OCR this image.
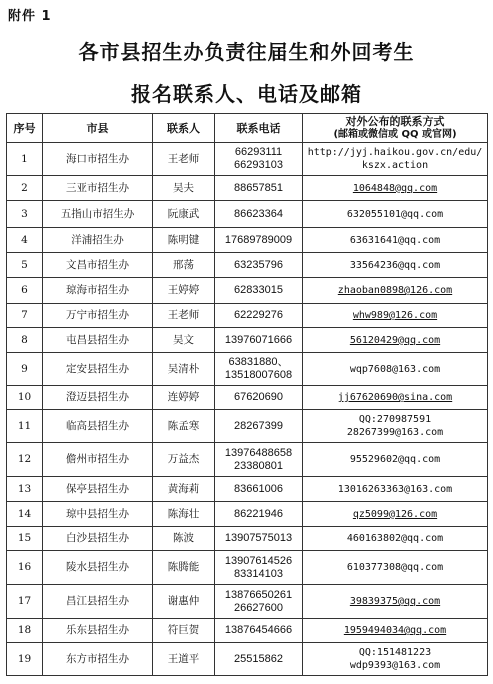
附件 1
各市县招生办负责往届生和外回考生
报名联系人、电话及邮箱
序号	市县	联系人	联系电话	对外公布的联系方式
(邮箱或微信或 QQ 或官网)

1	海口市招生办	王老师	66293111
66293103	http://jyj.haikou.gov.cn/edu/
kszx.action

2	三亚市招生办	吴夫	88657851	1064848@qq.com

3	五指山市招生办	阮康武	86623364	632055101@qq.com

4	洋浦招生办	陈明键	17689789009	63631641@qq.com

5	文昌市招生办	邢荡	63235796	33564236@qq.com

6	琼海市招生办	王婷婷	62833015	zhaoban0898@126.com

7	万宁市招生办	王老师	62229276	whw989@126.com

8	屯昌县招生办	吴文	13976071666	56120429@qq.com

9	定安县招生办	吴清朴	63831880、
13518007608	wqp7608@163.com

10	澄迈县招生办	连婷婷	67620690	jj67620690@sina.com

11	临高县招生办	陈孟寒	28267399	QQ:270987591
28267399@163.com

12	儋州市招生办	万益杰	13976488658
23380801	95529602@qq.com

13	保亭县招生办	黄海莉	83661006	13016263363@163.com

14	琼中县招生办	陈海壮	86221946	qz5099@126.com

15	白沙县招生办	陈波	13907575013	460163802@qq.com

16	陵水县招生办	陈腾能	13907614526
83314103	610377308@qq.com

17	昌江县招生办	谢惠仲	13876650261
26627600	39839375@qq.com

18	乐东县招生办	符巨贺	13876454666	1959494034@qq.com

19	东方市招生办	王道平	25515862	QQ:151481223
wdp9393@163.com
